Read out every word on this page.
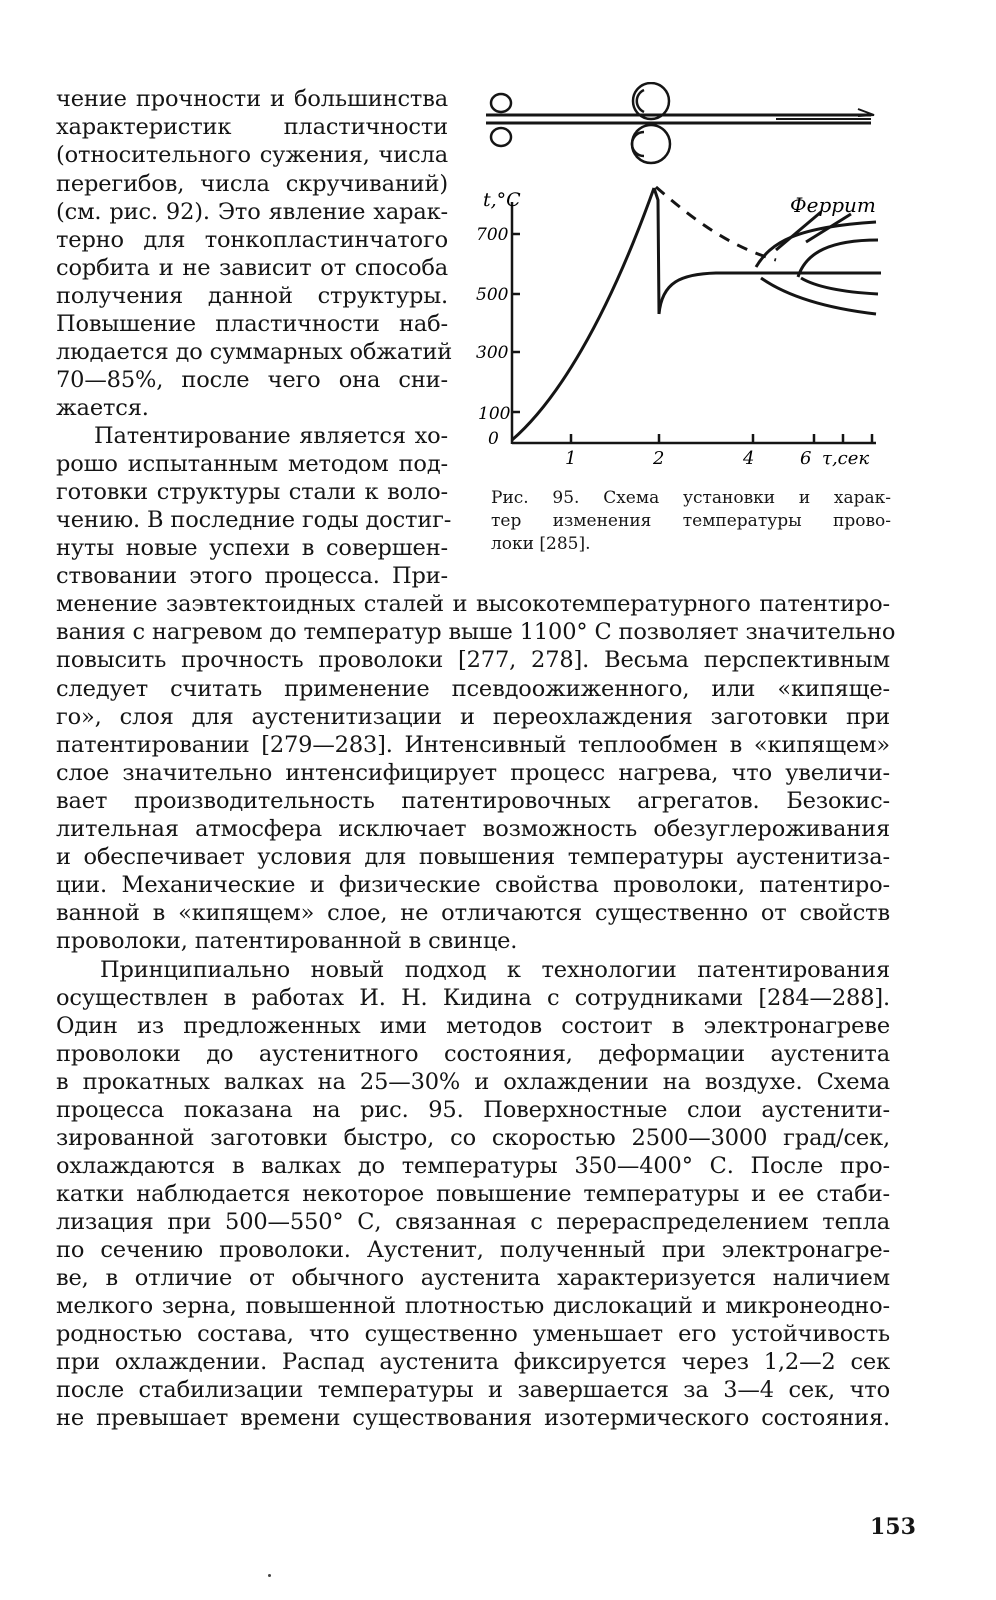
чение прочности и большинства
характеристик пластичности
(относительного сужения, числа
перегибов, числа скручиваний)
(см. рис. 92). Это явление харак-
терно для тонкопластинчатого
сорбита и не зависит от способа
получения данной структуры.
Повышение пластичности наб-
людается до суммарных обжатий
70—85%, после чего она сни-
жается.
Патентирование является хо-
рошо испытанным методом под-
готовки структуры стали к воло-
чению. В последние годы достиг-
нуты новые успехи в совершен-
ствовании этого процесса. При-
менение заэвтектоидных сталей и высокотемпературного патентиро-
вания с нагревом до температур выше 1100° С позволяет значительно
повысить прочность проволоки [277, 278]. Весьма перспективным
следует считать применение псевдоожиженного, или «кипяще-
го», слоя для аустенитизации и переохлаждения заготовки при
патентировании [279—283]. Интенсивный теплообмен в «кипящем»
слое значительно интенсифицирует процесс нагрева, что увеличи-
вает производительность патентировочных агрегатов. Безокис-
лительная атмосфера исключает возможность обезуглероживания
и обеспечивает условия для повышения температуры аустенитиза-
ции. Механические и физические свойства проволоки, патентиро-
ванной в «кипящем» слое, не отличаются существенно от свойств
проволоки, патентированной в свинце.
Принципиально новый подход к технологии патентирования
осуществлен в работах И. Н. Кидина с сотрудниками [284—288].
Один из предложенных ими методов состоит в электронагреве
проволоки до аустенитного состояния, деформации аустенита
в прокатных валках на 25—30% и охлаждении на воздухе. Схема
процесса показана на рис. 95. Поверхностные слои аустенити-
зированной заготовки быстро, со скоростью 2500—3000 град/сек,
охлаждаются в валках до температуры 350—400° С. После про-
катки наблюдается некоторое повышение температуры и ее стаби-
лизация при 500—550° С, связанная с перераспределением тепла
по сечению проволоки. Аустенит, полученный при электронагре-
ве, в отличие от обычного аустенита характеризуется наличием
мелкого зерна, повышенной плотностью дислокаций и микронеодно-
родностью состава, что существенно уменьшает его устойчивость
при охлаждении. Распад аустенита фиксируется через 1,2—2 сек
после стабилизации температуры и завершается за 3—4 сек, что
не превышает времени существования изотермического состояния.
t,°C
700
500
300
100
0
1	2	4	6 τ,сек
Феррит
Рис. 95. Схема установки и харак-
тер изменения температуры прово-
локи [285].
153
